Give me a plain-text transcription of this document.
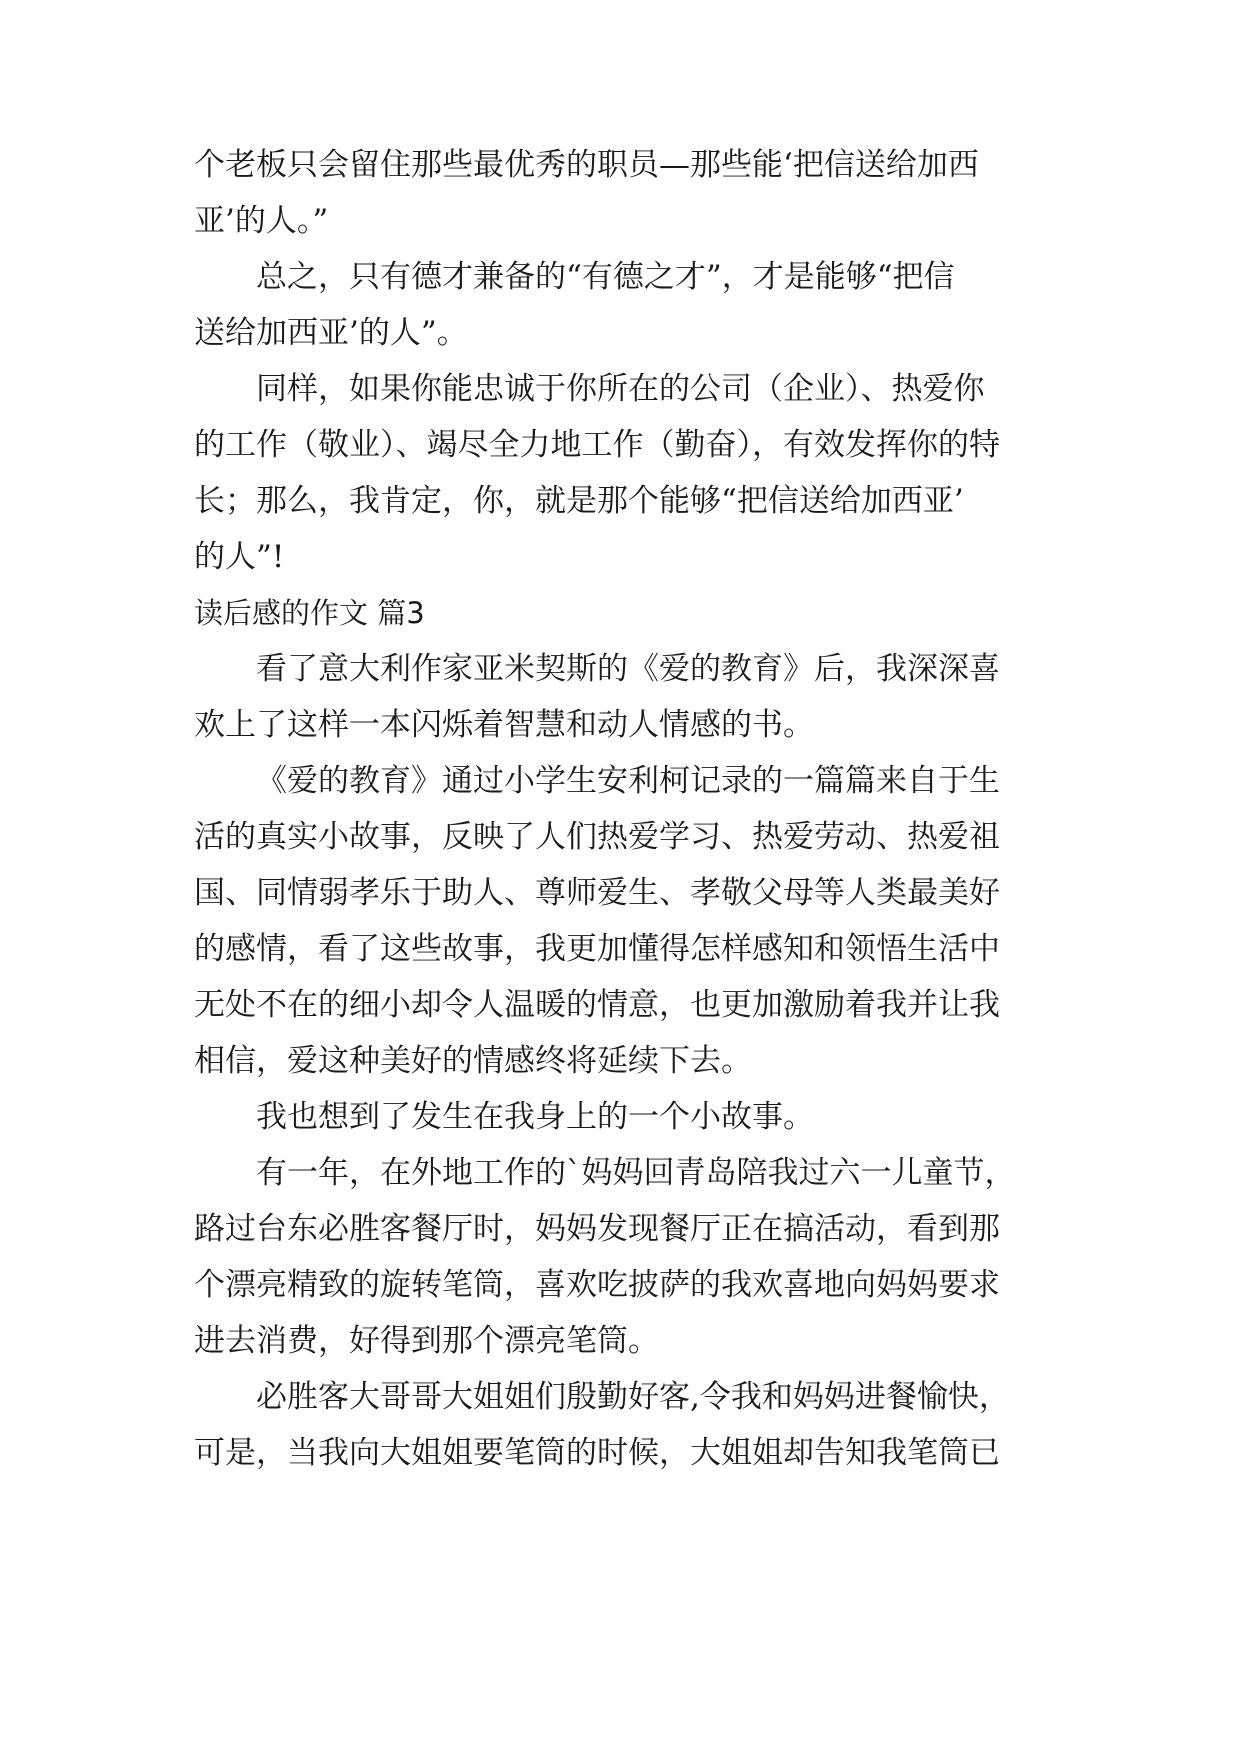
个老板只会留住那些最优秀的职员—那些能‘把信送给加西
亚’的人。”
总之，只有德才兼备的“有德之才”，才是能够“把信
送给加西亚’的人”。
同样，如果你能忠诚于你所在的公司（企业）、热爱你
的工作（敬业）、竭尽全力地工作（勤奋），有效发挥你的特
长；那么，我肯定，你，就是那个能够“把信送给加西亚’
的人”!
读后感的作文 篇3
看了意大利作家亚米契斯的《爱的教育》后，我深深喜
欢上了这样一本闪烁着智慧和动人情感的书。
《爱的教育》通过小学生安利柯记录的一篇篇来自于生
活的真实小故事，反映了人们热爱学习、热爱劳动、热爱祖
国、同情弱孝乐于助人、尊师爱生、孝敬父母等人类最美好
的感情，看了这些故事，我更加懂得怎样感知和领悟生活中
无处不在的细小却令人温暖的情意，也更加激励着我并让我
相信，爱这种美好的情感终将延续下去。
我也想到了发生在我身上的一个小故事。
有一年，在外地工作的`妈妈回青岛陪我过六一儿童节，
路过台东必胜客餐厅时，妈妈发现餐厅正在搞活动，看到那
个漂亮精致的旋转笔筒，喜欢吃披萨的我欢喜地向妈妈要求
进去消费，好得到那个漂亮笔筒。
必胜客大哥哥大姐姐们殷勤好客,令我和妈妈进餐愉快，
可是，当我向大姐姐要笔筒的时候，大姐姐却告知我笔筒已
